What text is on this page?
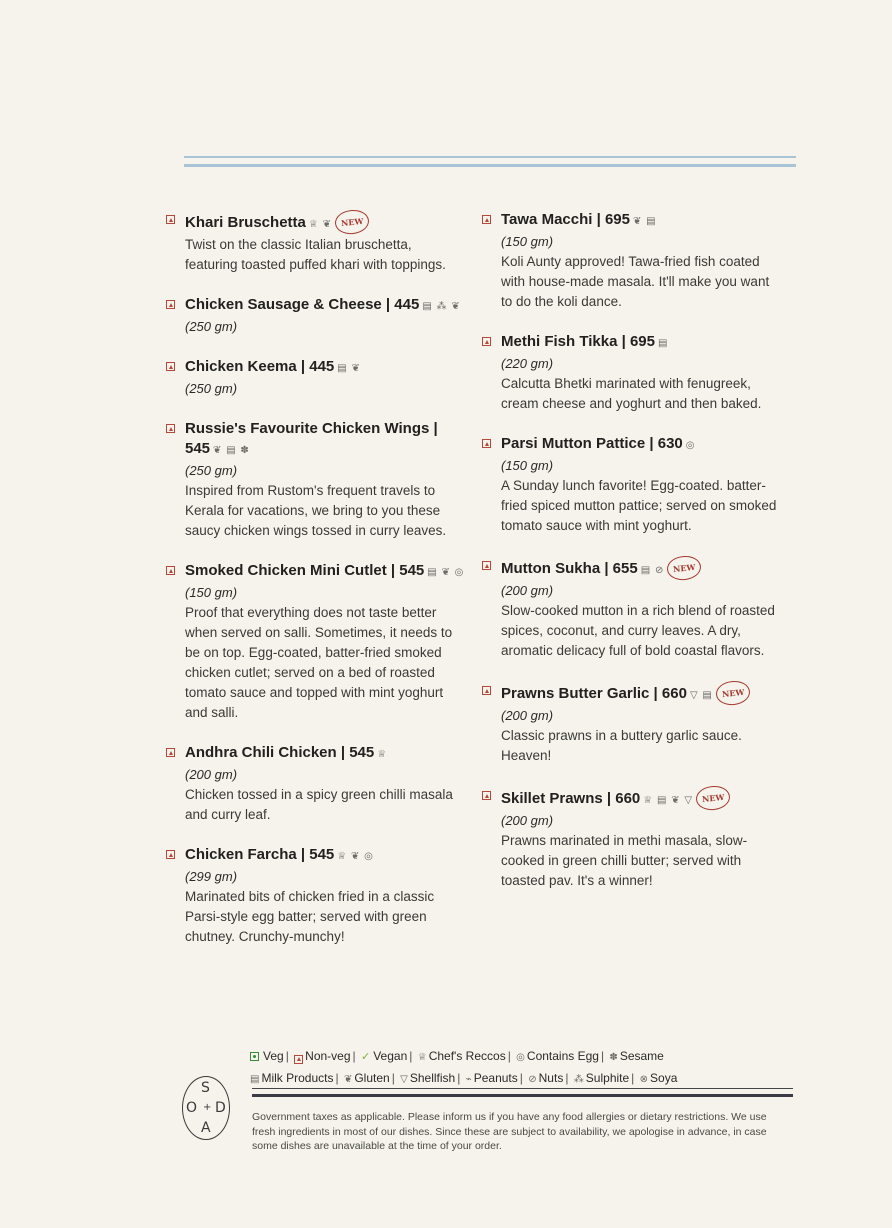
Khari Bruschetta ♕ ❦ NEW

Twist on the classic Italian bruschetta, featuring toasted puffed khari with toppings.

Chicken Sausage & Cheese | 445 ▤ ⁂ ❦
(250 gm)
Chicken Keema | 445 ▤ ❦
(250 gm)
Russie's Favourite Chicken Wings | 545 ❦ ▤ ✽
(250 gm)

Inspired from Rustom's frequent travels to Kerala for vacations, we bring to you these saucy chicken wings tossed in curry leaves.

Smoked Chicken Mini Cutlet | 545 ▤ ❦ ◎
(150 gm)

Proof that everything does not taste better when served on salli. Sometimes, it needs to be on top. Egg-coated, batter-fried smoked chicken cutlet; served on a bed of roasted tomato sauce and topped with mint yoghurt and salli.

Andhra Chili Chicken | 545 ♕
(200 gm)

Chicken tossed in a spicy green chilli masala and curry leaf.

Chicken Farcha | 545 ♕ ❦ ◎
(299 gm)

Marinated bits of chicken fried in a classic Parsi-style egg batter; served with green chutney. Crunchy-munchy!

Tawa Macchi | 695 ❦ ▤
(150 gm)

Koli Aunty approved! Tawa-fried fish coated with house-made masala. It'll make you want to do the koli dance.

Methi Fish Tikka | 695 ▤
(220 gm)

Calcutta Bhetki marinated with fenugreek, cream cheese and yoghurt and then baked.

Parsi Mutton Pattice | 630 ◎
(150 gm)

A Sunday lunch favorite! Egg-coated. batter-fried spiced mutton pattice; served on smoked tomato sauce with mint yoghurt.

Mutton Sukha | 655 ▤ ⊘ NEW
(200 gm)

Slow-cooked mutton in a rich blend of roasted spices, coconut, and curry leaves. A dry, aromatic delicacy full of bold coastal flavors.

Prawns Butter Garlic | 660 ▽ ▤ NEW
(200 gm)

Classic prawns in a buttery garlic sauce. Heaven!

Skillet Prawns | 660 ♕ ▤ ❦ ▽ NEW
(200 gm)

Prawns marinated in methi masala, slow-cooked in green chilli butter; served with toasted pav. It's a winner!

S
O + D
A
Veg | Non-veg | ✓ Vegan | ♕ Chef's Reccos | ◎ Contains Egg | ✽ Sesame
▤ Milk Products | ❦ Gluten | ▽ Shellfish | ⌁ Peanuts | ⊘ Nuts | ⁂ Sulphite | ⊗ Soya

Government taxes as applicable. Please inform us if you have any food allergies or dietary restrictions. We use fresh ingredients in most of our dishes. Since these are subject to availability, we apologise in advance, in case some dishes are unavailable at the time of your order.
